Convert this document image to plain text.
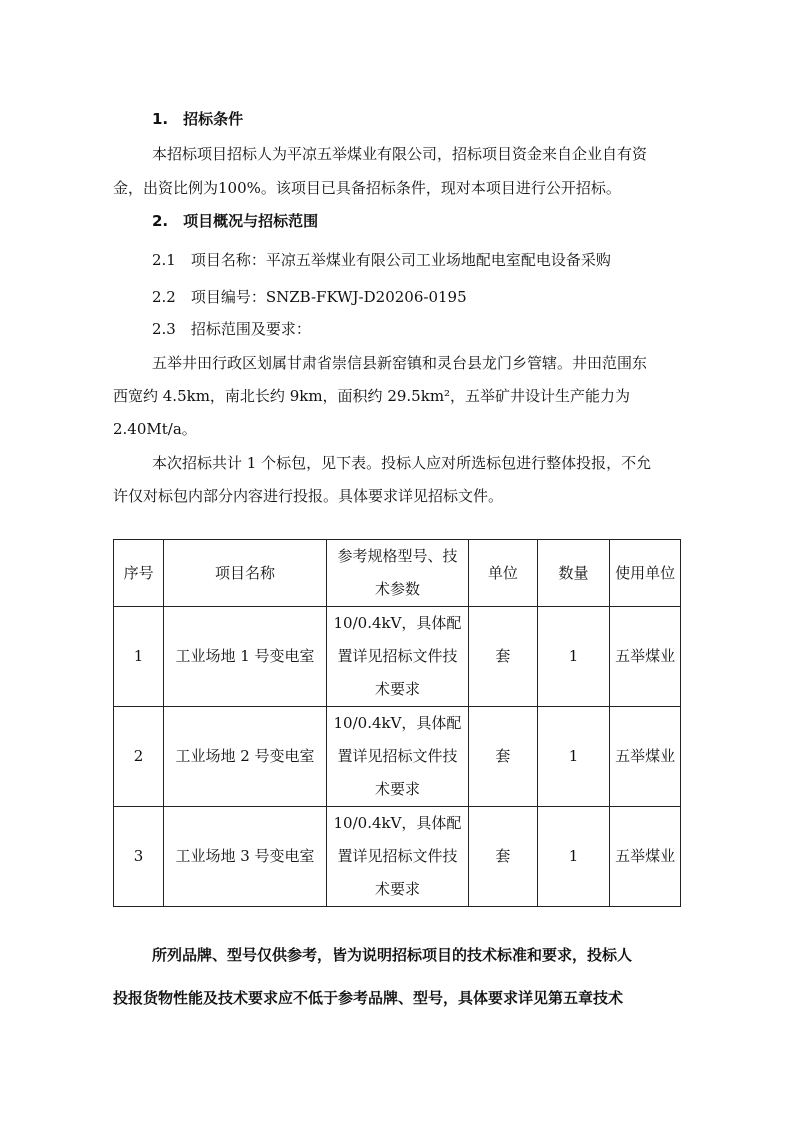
1.　招标条件
本招标项目招标人为平凉五举煤业有限公司，招标项目资金来自企业自有资
金，出资比例为100%。该项目已具备招标条件，现对本项目进行公开招标。
2.　项目概况与招标范围
2.1　项目名称：平凉五举煤业有限公司工业场地配电室配电设备采购
2.2　项目编号：SNZB-FKWJ-D20206-0195
2.3　招标范围及要求：
五举井田行政区划属甘肃省崇信县新窑镇和灵台县龙门乡管辖。井田范围东
西宽约 4.5km，南北长约 9km，面积约 29.5km²，五举矿井设计生产能力为
2.40Mt/a。
本次招标共计 1 个标包，见下表。投标人应对所选标包进行整体投报，不允
许仅对标包内部分内容进行投报。具体要求详见招标文件。
序号	项目名称	参考规格型号、技术参数	单位	数量	使用单位
1	工业场地 1 号变电室	10/0.4kV，具体配置详见招标文件技术要求	套	1	五举煤业
2	工业场地 2 号变电室	10/0.4kV，具体配置详见招标文件技术要求	套	1	五举煤业
3	工业场地 3 号变电室	10/0.4kV，具体配置详见招标文件技术要求	套	1	五举煤业
所列品牌、型号仅供参考，皆为说明招标项目的技术标准和要求，投标人
投报货物性能及技术要求应不低于参考品牌、型号，具体要求详见第五章技术
